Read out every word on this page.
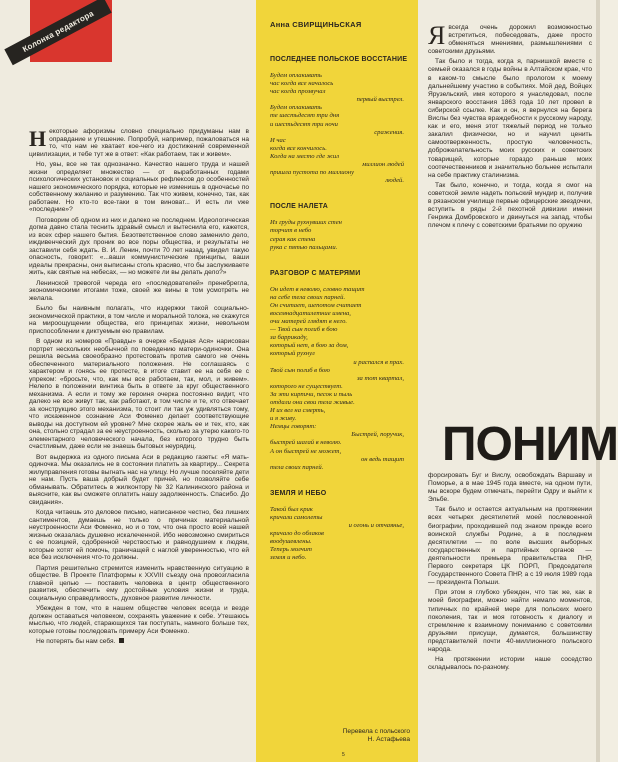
Колонка редактора

Некоторые афоризмы словно специально придуманы нам в оправдание и утешение. Попробуй, например, пожаловаться на то, что нам не хватает кое-чего из достижений современной цивилизации, и тебе тут же в ответ: «Как работаем, так и живем».

Но, увы, все не так однозначно. Качество нашего труда и нашей жизни определяет множество — от выработанных годами психологических установок и социальных рефлексов до особенностей нашего экономического порядка, которые не изменишь в одночасье по собственному желанию и разумению. Так что живем, конечно, так, как работаем. Но кто-то все-таки в том виноват... И есть ли vжe «последние»?

Поговорим об одном из них и далеко не последнем. Идеологическая догма давно стала теснить здравый смысл и вытеснила его, кажется, из всех сфер нашего бытия. Безответственное слово заменило дело, иждивенческий дух проник во все поры общества, и результаты не заставили себя ждать. В. И. Ленин, почти 70 лет назад, увидел такую опасность, говорит: «...ваши коммунистические принципы, ваши идеалы прекрасны, они выписаны столь красиво, что бы заслуживаете жить, как святые на небесах, — но можете ли вы делать дело?»

Ленинской тревогой череда его «последователей» пренебрегла, экономическими итогами тоже, своей же вины в том усмотреть не желала.

Было бы наивным полагать, что издержки такой социально-экономической практики, в том числе и моральной толока, не скажутся на мироощущении общества, его принципах жизни, невольном приспособлении к диктуемым ею правилам.

В одном из номеров «Правды» в очерке «Бедная Ася» нарисован портрет нескольких необычной по поведению матери-одиночки. Она решила весьма своеобразно протестовать против самого не очень обеспеченного материального положения. Не соглашаясь с характером и гонясь ее протесте, в итоге ставит ее на себя ее с упреком: «бросьте, что, как мы все работаем, так, мол, и живем». Нелепо в положении винтика быть в ответе за круг общественного механизма. А если и тому же героиня очерка постоянно видит, что далеко не все живут так, как работают, в том числе и те, кто отвечает за конструкцию этого механизма, то стоит ли так уж удивляться тому, что искаженное сознание Аси Фоменко делает соответствующие выводы на доступном ей уровне? Мне скорее жаль ее и тех, кто, как она, стольно страдал за ее неустроенность, сколько за утерю какого-то элементарного человеческого начала, без которого трудно быть счастливым, даже если не знаешь бытовых неурядиц.

Вот выдержка из одного письма Аси в редакцию газеты: «Я мать-одиночка. Мы оказались не в состоянии платить за квартиру... Секрета жилуправления готовы выгнать нас на улицу. Но лучше поселяйте дети не нам. Пусть ваша добрый будет причей, но позволяйте себе обманывать. Обратитесь в жилконтору № 32 Калининского района и выясните, как вы сможете оплатить нашу задолженность. Спасибо. До свидания».

Когда читаешь это деловое письмо, написанное честно, без лишних сантиментов, думаешь не только о причинах материальной неустроенности Аси Фоменко, но и о том, что она просто всей нашей жизнью оказалась душевно искалеченной. Ибо невозможно смириться с ее позицией, сдобренной черствостью и равнодушием к людям, которые хотят ей помочь, граничащей с наглой уверенностью, что ей все без исключения что-то должны.

Партия решительно стремится изменить нравственную ситуацию в обществе. В Проекте Платформы к XXVIII съезду она провозгласила главной целью — поставить человека в центр общественного развития, обеспечить ему достойные условия жизни и труда, социальную справедливость, духовное развитие личности.

Убежден в том, что в нашем обществе человек всегда и везде должен оставаться человеком, сохранять уважение к себе. Утешаюсь мыслью, что людей, старающихся так поступать, намного больше тех, которые готовы последовать примеру Аси Фоменко.

Не потерять бы нам себя.

Анна СВИРЩИНЬСКАЯ
ПОСЛЕДНЕЕ ПОЛЬСКОЕ ВОССТАНИЕ
Будем оплакивать
час когда все началось
час когда прозвучал
первый выстрел.
Будем оплакивать
те шестьдесят три дня
и шестьдесят три ночи
сражения.
И час
когда все кончилось.
Когда на место где жил
миллион людей
пришла пустота по миллиону
людей.
ПОСЛЕ НАЛЕТА
Из груды рухнувших стен
торчит в небо
серая как стена
рука с пятью пальцами.
РАЗГОВОР С МАТЕРЯМИ
Он идет в неволю, словно тащит
на себе тела своих парней.
Он считает, шепотом считает
восемнадцатилетние имена,
очи матерей глядят в него.
— Твой сын погиб в бою
за баррикаду,
который нет, в бою за дом,
который рухнул
и распался в прах.
Твой сын погиб в бою
за тот квартал,
которого не существует.
За эти кирпичи, песок и пыль
отдали они свои тела живые.
И их вел на смерть,
и я живу.
Немцы говорят:
Быстрей, поручик,
быстрей шагай в неволю.
А он быстрей не может,
он ведь тащит
тела своих парней.
ЗЕМЛЯ И НЕБО
Такой был крик
кричали самолеты
и огонь и отчаянье,
кричало до облаков
воодушевлены.
Теперь молчит
земля и небо.
Перевела с польского
Н. Астафьева
5

Я всегда очень дорожил возможностью встретиться, побеседовать, даже просто обменяться мнениями, размышлениями с советскими друзьями.

Так было и тогда, когда я, парнишкой вместе с семьей оказался в годы войны в Алтайском крае, что в каком-то смысле было прологом к моему дальнейшему участию в событиях. Мой дед, Войцех Ярузельский, имя которого я унаследовал, после январского восстания 1863 года 10 лет провел в сибирской ссылке. Как и он, я вернулся на берега Вислы без чувства враждебности к русскому народу, как и его, меня этот тяжелый период не только закалил физически, но и научил ценить самоотверженность, простую человечность, доброжелательность моих русских и советских товарищей, которые гораздо раньше моих соотечественников и значительно больнее испытали на себе практику сталинизма.

Так было, конечно, и тогда, когда я смог на советской земле надеть польский мундир и, получив в рязанском училище первые офицерские звездочки, вступить в ряды 2-й пехотной дивизии имени Генрика Домбровского и двинуться на запад, чтобы плечом к плечу с советскими братьями по оружию

форсировать Буг и Вислу, освобождать Варшаву и Поморье, а в мае 1945 года вместе, на одном пути, мы вскоре будем отмечать, перейти Одру и выйти к Эльбе.

Так было и остается актуальным на протяжении всех четырех десятилетий моей послевоенной биографии, проходившей под знаком прежде всего воинской службы Родине, а в последнем десятилетии — по воле высших выборных государственных и партийных органов — деятельности премьера правительства ПНР, Первого секретаря ЦК ПОРП, Председателя Государственного Совета ПНР, а с 19 июля 1989 года — президента Польши.

При этом я глубоко убежден, что так же, как в моей биографии, можно найти немало моментов, типичных по крайней мере для польских моего поколения, так и моя готовность к диалогу и стремление к взаимному пониманию с советскими друзьями присущи, думается, большинству представителей почти 40-миллионного польского народа.

На протяжении истории наше соседство складывалось по-разному.

ПОНИМ
